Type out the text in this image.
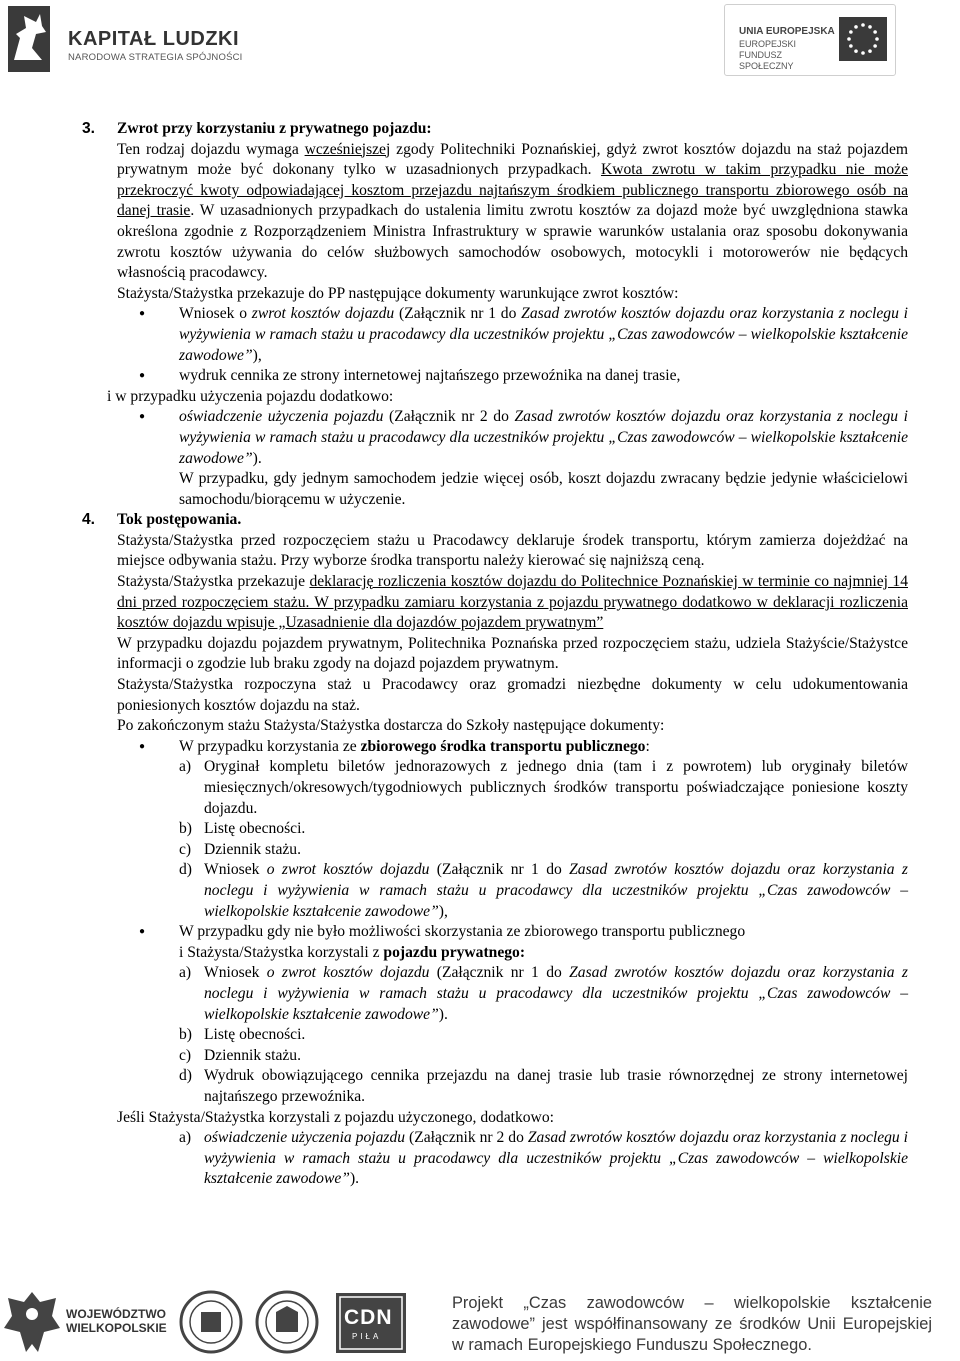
KAPITAŁ LUDZKI
NARODOWA STRATEGIA SPÓJNOŚCI
UNIA EUROPEJSKA
EUROPEJSKI
FUNDUSZ SPOŁECZNY

3. Zwrot przy korzystaniu z prywatnego pojazdu:

Ten rodzaj dojazdu wymaga wcześniejszej zgody Politechniki Poznańskiej, gdyż zwrot kosztów dojazdu na staż pojazdem prywatnym może być dokonany tylko w uzasadnionych przypadkach. Kwota zwrotu w takim przypadku nie może przekroczyć kwoty odpowiadającej kosztom przejazdu najtańszym środkiem publicznego transportu zbiorowego osób na danej trasie. W uzasadnionych przypadkach do ustalenia limitu zwrotu kosztów za dojazd może być uwzględniona stawka określona zgodnie z Rozporządzeniem Ministra Infrastruktury w sprawie warunków ustalania oraz sposobu dokonywania zwrotu kosztów używania do celów służbowych samochodów osobowych, motocykli i motorowerów nie będących własnością pracodawcy.

Stażysta/Stażystka przekazuje do PP następujące dokumenty warunkujące zwrot kosztów:

● Wniosek o zwrot kosztów dojazdu (Załącznik nr 1 do Zasad zwrotów kosztów dojazdu oraz korzystania z noclegu i wyżywienia w ramach stażu u pracodawcy dla uczestników projektu „Czas zawodowców – wielkopolskie kształcenie zawodowe”),
● wydruk cennika ze strony internetowej najtańszego przewoźnika na danej trasie,

i w przypadku użyczenia pojazdu dodatkowo:

● oświadczenie użyczenia pojazdu (Załącznik nr 2 do Zasad zwrotów kosztów dojazdu oraz korzystania z noclegu i wyżywienia w ramach stażu u pracodawcy dla uczestników projektu „Czas zawodowców – wielkopolskie kształcenie zawodowe”).

W przypadku, gdy jednym samochodem jedzie więcej osób, koszt dojazdu zwracany będzie jedynie właścicielowi samochodu/biorącemu w użyczenie.

4. Tok postępowania.

Stażysta/Stażystka przed rozpoczęciem stażu u Pracodawcy deklaruje środek transportu, którym zamierza dojeżdżać na miejsce odbywania stażu. Przy wyborze środka transportu należy kierować się najniższą ceną.

Stażysta/Stażystka przekazuje deklarację rozliczenia kosztów dojazdu do Politechnice Poznańskiej w terminie co najmniej 14 dni przed rozpoczęciem stażu. W przypadku zamiaru korzystania z pojazdu prywatnego dodatkowo w deklaracji rozliczenia kosztów dojazdu wpisuje „Uzasadnienie dla dojazdów pojazdem prywatnym”

W przypadku dojazdu pojazdem prywatnym, Politechnika Poznańska przed rozpoczęciem stażu, udziela Stażyście/Stażystce informacji o zgodzie lub braku zgody na dojazd pojazdem prywatnym.

Stażysta/Stażystka rozpoczyna staż u Pracodawcy oraz gromadzi niezbędne dokumenty w celu udokumentowania poniesionych kosztów dojazdu na staż.

Po zakończonym stażu Stażysta/Stażystka dostarcza do Szkoły następujące dokumenty:

● W przypadku korzystania ze zbiorowego środka transportu publicznego:

a) Oryginał kompletu biletów jednorazowych z jednego dnia (tam i z powrotem) lub oryginały biletów miesięcznych/okresowych/tygodniowych publicznych środków transportu poświadczające poniesione koszty dojazdu.

b) Listę obecności.

c) Dziennik stażu.

d) Wniosek o zwrot kosztów dojazdu (Załącznik nr 1 do Zasad zwrotów kosztów dojazdu oraz korzystania z noclegu i wyżywienia w ramach stażu u pracodawcy dla uczestników projektu „Czas zawodowców – wielkopolskie kształcenie zawodowe”),

● W przypadku gdy nie było możliwości skorzystania ze zbiorowego transportu publicznego
i Stażysta/Stażystka korzystali z pojazdu prywatnego:

a) Wniosek o zwrot kosztów dojazdu (Załącznik nr 1 do Zasad zwrotów kosztów dojazdu oraz korzystania z noclegu i wyżywienia w ramach stażu u pracodawcy dla uczestników projektu „Czas zawodowców – wielkopolskie kształcenie zawodowe”).

b) Listę obecności.

c) Dziennik stażu.

d) Wydruk obowiązującego cennika przejazdu na danej trasie lub trasie równorzędnej ze strony internetowej najtańszego przewoźnika.

Jeśli Stażysta/Stażystka korzystali z pojazdu użyczonego, dodatkowo:

a) oświadczenie użyczenia pojazdu (Załącznik nr 2 do Zasad zwrotów kosztów dojazdu oraz korzystania z noclegu i wyżywienia w ramach stażu u pracodawcy dla uczestników projektu „Czas zawodowców – wielkopolskie kształcenie zawodowe”).

WOJEWÓDZTWO
WIELKOPOLSKIE	CDN
PIŁA
Projekt „Czas zawodowców – wielkopolskie kształcenie zawodowe” jest współfinansowany ze środków Unii Europejskiej w ramach Europejskiego Funduszu Społecznego.
